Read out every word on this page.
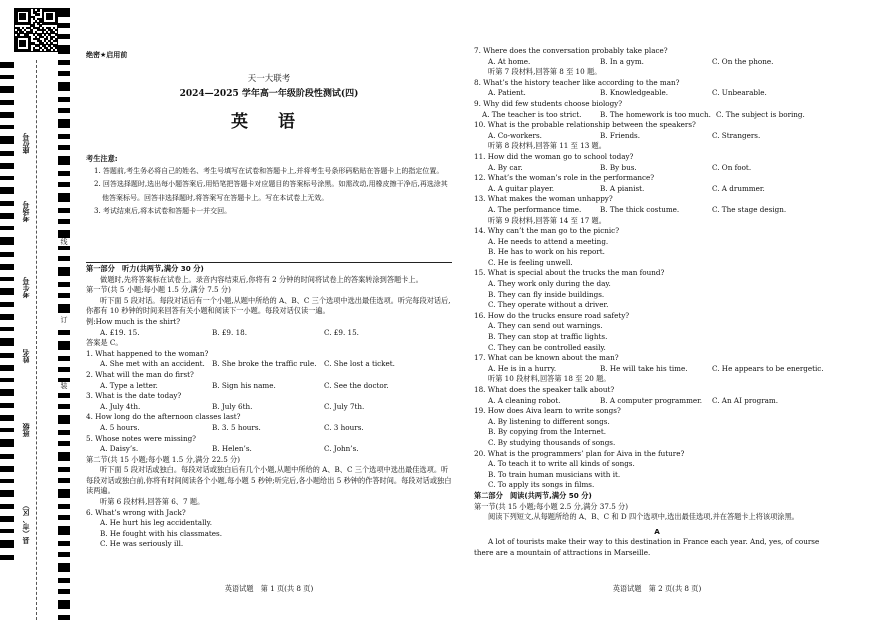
座位号
考场号
考生号
姓名
班级
县（市、区）
线
订
装
绝密★启用前
天一大联考
2024—2025 学年高一年级阶段性测试(四)
英 语
考生注意:
1. 答题前,考生务必将自己的姓名、考生号填写在试卷和答题卡上,并将考生号条形码粘贴在答题卡上的指定位置。
2. 回答选择题时,选出每小题答案后,用铅笔把答题卡对应题目的答案标号涂黑。如需改动,用橡皮擦干净后,再选涂其他答案标号。回答非选择题时,将答案写在答题卡上。写在本试卷上无效。
3. 考试结束后,将本试卷和答题卡一并交回。
第一部分　听力(共两节,满分 30 分)
做题时,先将答案标在试卷上。录音内容结束后,你将有 2 分钟的时间将试卷上的答案转涂到答题卡上。
第一节(共 5 小题;每小题 1.5 分,满分 7.5 分)
听下面 5 段对话。每段对话后有一个小题,从题中所给的 A、B、C 三个选项中选出最佳选项。听完每段对话后,你都有 10 秒钟的时间来回答有关小题和阅读下一小题。每段对话仅读一遍。
例:How much is the shirt?
A. £19. 15.	B. £9. 18.	C. £9. 15.
答案是 C。
1. What happened to the woman?
A. She met with an accident. B. She broke the traffic rule. C. She lost a ticket.
2. What will the man do first?
A. Type a letter.	B. Sign his name.	C. See the doctor.
3. What is the date today?
A. July 4th.	B. July 6th.	C. July 7th.
4. How long do the afternoon classes last?
A. 5 hours.	B. 3. 5 hours.	C. 3 hours.
5. Whose notes were missing?
A. Daisy’s.	B. Helen’s.	C. John’s.
第二节(共 15 小题;每小题 1.5 分,满分 22.5 分)
听下面 5 段对话或独白。每段对话或独白后有几个小题,从题中所给的 A、B、C 三个选项中选出最佳选项。听每段对话或独白前,你将有时间阅读各个小题,每小题 5 秒钟;听完后,各小题给出 5 秒钟的作答时间。每段对话或独白读两遍。
听第 6 段材料,回答第 6、7 题。
6. What’s wrong with Jack?
A. He hurt his leg accidentally.
B. He fought with his classmates.
C. He was seriously ill.
英语试题　第 1 页(共 8 页)
7. Where does the conversation probably take place?
A. At home.	B. In a gym.	C. On the phone.
听第 7 段材料,回答第 8 至 10 题。
8. What’s the history teacher like according to the man?
A. Patient.	B. Knowledgeable.	C. Unbearable.
9. Why did few students choose biology?
A. The teacher is too strict.	B. The homework is too much. C. The subject is boring.
10. What is the probable relationship between the speakers?
A. Co-workers.	B. Friends.	C. Strangers.
听第 8 段材料,回答第 11 至 13 题。
11. How did the woman go to school today?
A. By car.	B. By bus.	C. On foot.
12. What’s the woman’s role in the performance?
A. A guitar player.	B. A pianist.	C. A drummer.
13. What makes the woman unhappy?
A. The performance time.	B. The thick costume.	C. The stage design.
听第 9 段材料,回答第 14 至 17 题。
14. Why can’t the man go to the picnic?
A. He needs to attend a meeting.
B. He has to work on his report.
C. He is feeling unwell.
15. What is special about the trucks the man found?
A. They work only during the day.
B. They can fly inside buildings.
C. They operate without a driver.
16. How do the trucks ensure road safety?
A. They can send out warnings.
B. They can stop at traffic lights.
C. They can be controlled easily.
17. What can be known about the man?
A. He is in a hurry.	B. He will take his time.	C. He appears to be energetic.
听第 10 段材料,回答第 18 至 20 题。
18. What does the speaker talk about?
A. A cleaning robot.	B. A computer programmer. C. An AI program.
19. How does Aiva learn to write songs?
A. By listening to different songs.
B. By copying from the Internet.
C. By studying thousands of songs.
20. What is the programmers’ plan for Aiva in the future?
A. To teach it to write all kinds of songs.
B. To train human musicians with it.
C. To apply its songs in films.
第二部分　阅读(共两节,满分 50 分)
第一节(共 15 小题;每小题 2.5 分,满分 37.5 分)
阅读下列短文,从每题所给的 A、B、C 和 D 四个选项中,选出最佳选项,并在答题卡上将该项涂黑。
A
A lot of tourists make their way to this destination in France each year. And, yes, of course there are a mountain of attractions in Marseille.
英语试题　第 2 页(共 8 页)
